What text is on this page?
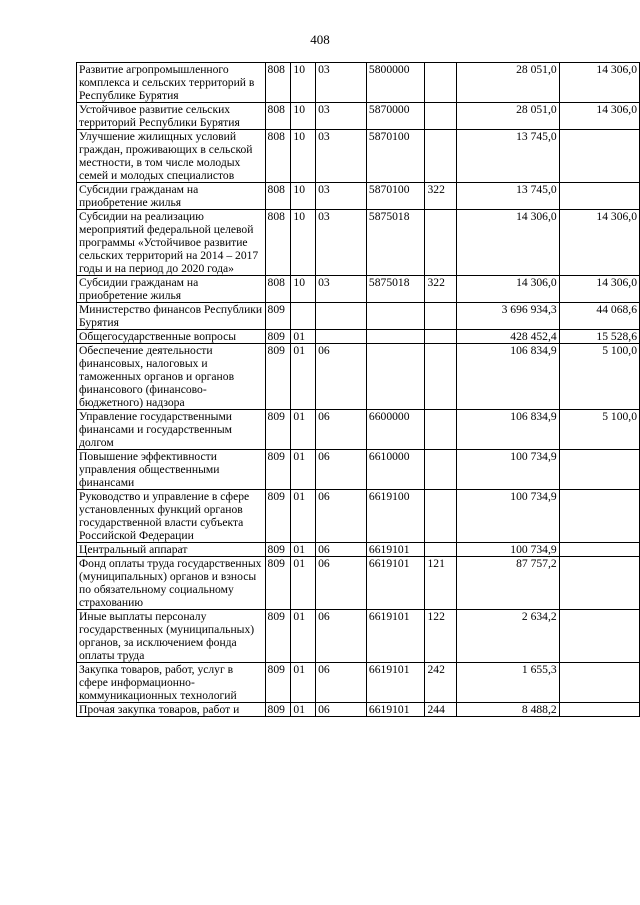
408
Развитие агропромышленного комплекса и сельских территорий в Республике Бурятия	808	10	03	5800000		28 051,0	14 306,0
Устойчивое развитие сельских территорий Республики Бурятия	808	10	03	5870000		28 051,0	14 306,0
Улучшение жилищных условий граждан, проживающих в сельской местности, в том числе молодых семей и молодых специалистов	808	10	03	5870100		13 745,0	
Субсидии гражданам на приобретение жилья	808	10	03	5870100	322	13 745,0	
Субсидии на реализацию мероприятий федеральной целевой программы «Устойчивое развитие сельских территорий на 2014 – 2017 годы и на период до 2020 года»	808	10	03	5875018		14 306,0	14 306,0
Субсидии гражданам на приобретение жилья	808	10	03	5875018	322	14 306,0	14 306,0
Министерство финансов Республики Бурятия	809					3 696 934,3	44 068,6
Общегосударственные вопросы	809	01				428 452,4	15 528,6
Обеспечение деятельности финансовых, налоговых и таможенных органов и органов финансового (финансово-бюджетного) надзора	809	01	06			106 834,9	5 100,0
Управление государственными финансами и государственным долгом	809	01	06	6600000		106 834,9	5 100,0
Повышение эффективности управления общественными финансами	809	01	06	6610000		100 734,9	
Руководство и управление в сфере установленных функций органов государственной власти субъекта Российской Федерации	809	01	06	6619100		100 734,9	
Центральный аппарат	809	01	06	6619101		100 734,9	
Фонд оплаты труда государственных (муниципальных) органов и взносы по обязательному социальному страхованию	809	01	06	6619101	121	87 757,2	
Иные выплаты персоналу государственных (муниципальных) органов, за исключением фонда оплаты труда	809	01	06	6619101	122	2 634,2	
Закупка товаров, работ, услуг в сфере информационно-коммуникационных технологий	809	01	06	6619101	242	1 655,3	
Прочая закупка товаров, работ и	809	01	06	6619101	244	8 488,2	
